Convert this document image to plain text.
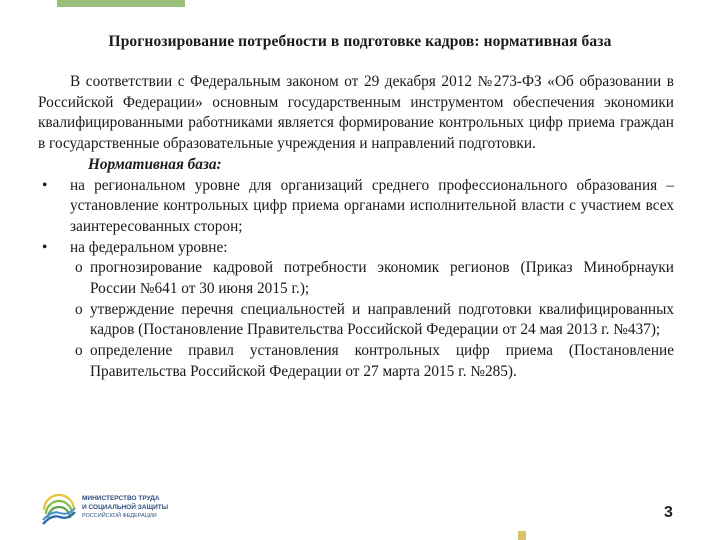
Прогнозирование потребности в подготовке кадров: нормативная база

В соответствии с Федеральным законом от 29 декабря 2012 №273-ФЗ «Об образовании в Российской Федерации» основным государственным инструментом обеспечения экономики квалифицированными работниками является формирование контрольных цифр приема граждан в государственные образовательные учреждения и направлений подготовки.

Нормативная база:

• на региональном уровне для организаций среднего профессионального образования – установление контрольных цифр приема органами исполнительной власти с участием всех заинтересованных сторон;
• на федеральном уровне:
o прогнозирование кадровой потребности экономик регионов (Приказ Минобрнауки России №641 от 30 июня 2015 г.);
o утверждение перечня специальностей и направлений подготовки квалифицированных кадров (Постановление Правительства Российской Федерации от 24 мая 2013 г. №437);
o определение правил установления контрольных цифр приема (Постановление Правительства Российской Федерации от 27 марта 2015 г. №285).
МИНИСТЕРСТВО ТРУДА
И СОЦИАЛЬНОЙ ЗАЩИТЫ
РОССИЙСКОЙ ФЕДЕРАЦИИ	3
